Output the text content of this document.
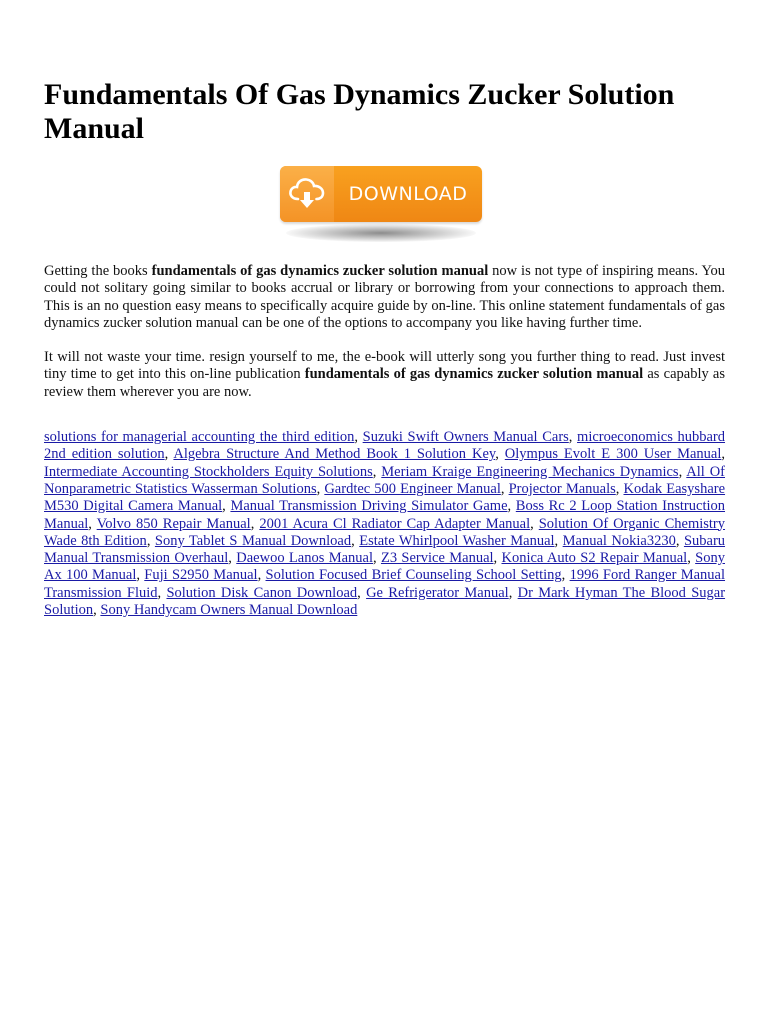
Fundamentals Of Gas Dynamics Zucker Solution Manual
DOWNLOAD

Getting the books fundamentals of gas dynamics zucker solution manual now is not type of inspiring means. You could not solitary going similar to books accrual or library or borrowing from your connections to approach them. This is an no question easy means to specifically acquire guide by on-line. This online statement fundamentals of gas dynamics zucker solution manual can be one of the options to accompany you like having further time.

It will not waste your time. resign yourself to me, the e-book will utterly song you further thing to read. Just invest tiny time to get into this on-line publication fundamentals of gas dynamics zucker solution manual as capably as review them wherever you are now.

solutions for managerial accounting the third edition, Suzuki Swift Owners Manual Cars, microeconomics hubbard 2nd edition solution, Algebra Structure And Method Book 1 Solution Key, Olympus Evolt E 300 User Manual, Intermediate Accounting Stockholders Equity Solutions, Meriam Kraige Engineering Mechanics Dynamics, All Of Nonparametric Statistics Wasserman Solutions, Gardtec 500 Engineer Manual, Projector Manuals, Kodak Easyshare M530 Digital Camera Manual, Manual Transmission Driving Simulator Game, Boss Rc 2 Loop Station Instruction Manual, Volvo 850 Repair Manual, 2001 Acura Cl Radiator Cap Adapter Manual, Solution Of Organic Chemistry Wade 8th Edition, Sony Tablet S Manual Download, Estate Whirlpool Washer Manual, Manual Nokia3230, Subaru Manual Transmission Overhaul, Daewoo Lanos Manual, Z3 Service Manual, Konica Auto S2 Repair Manual, Sony Ax 100 Manual, Fuji S2950 Manual, Solution Focused Brief Counseling School Setting, 1996 Ford Ranger Manual Transmission Fluid, Solution Disk Canon Download, Ge Refrigerator Manual, Dr Mark Hyman The Blood Sugar Solution, Sony Handycam Owners Manual Download
